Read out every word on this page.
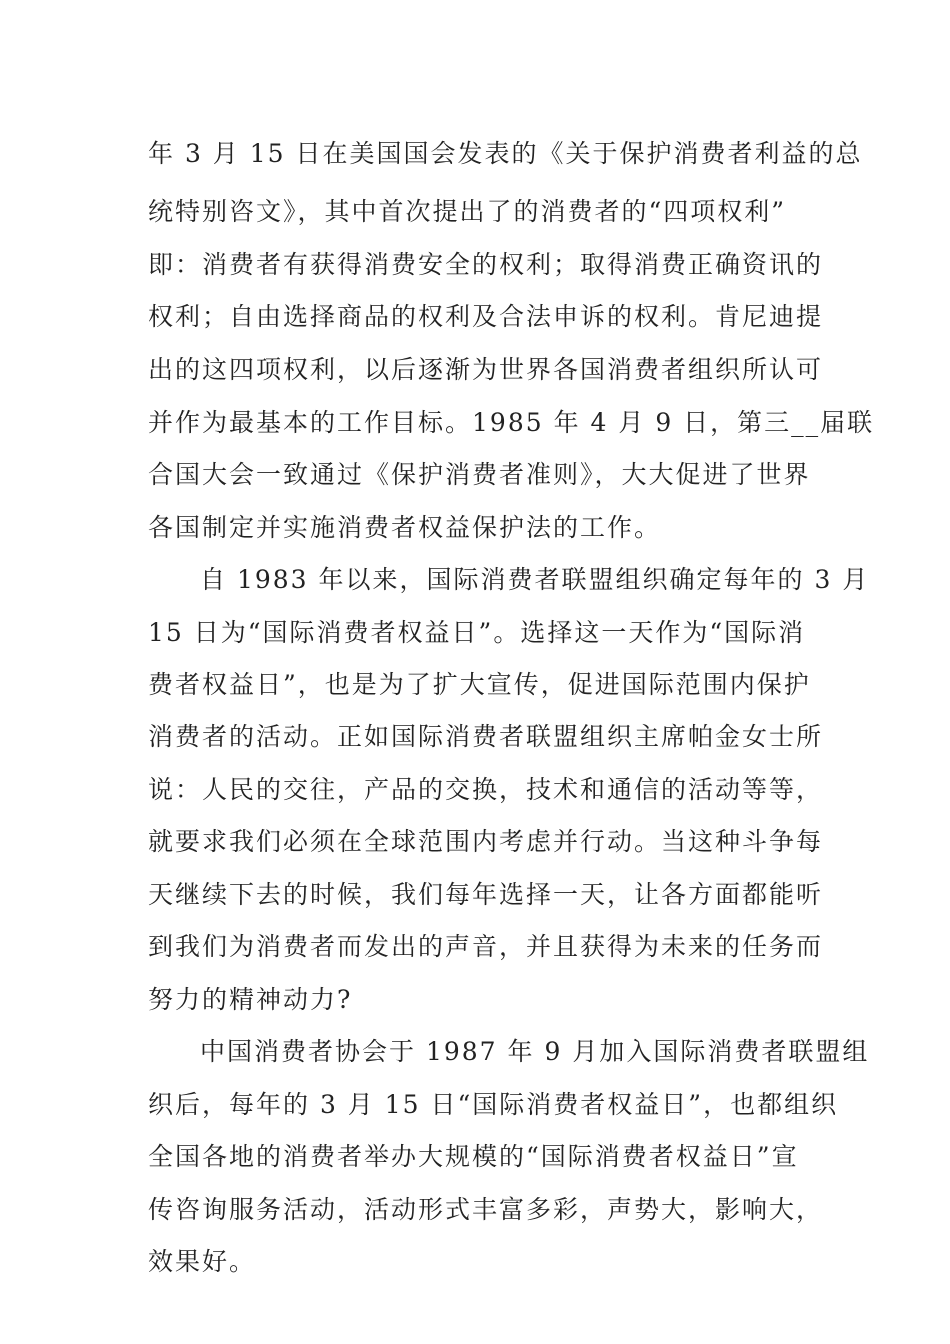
年 3 月 15 日在美国国会发表的《关于保护消费者利益的总
统特别咨文》，其中首次提出了的消费者的“四项权利”
即：消费者有获得消费安全的权利；取得消费正确资讯的
权利；自由选择商品的权利及合法申诉的权利。肯尼迪提
出的这四项权利，以后逐渐为世界各国消费者组织所认可
并作为最基本的工作目标。1985 年 4 月 9 日，第三__届联
合国大会一致通过《保护消费者准则》，大大促进了世界
各国制定并实施消费者权益保护法的工作。
自 1983 年以来，国际消费者联盟组织确定每年的 3 月
15 日为“国际消费者权益日”。选择这一天作为“国际消
费者权益日”，也是为了扩大宣传，促进国际范围内保护
消费者的活动。正如国际消费者联盟组织主席帕金女士所
说：人民的交往，产品的交换，技术和通信的活动等等，
就要求我们必须在全球范围内考虑并行动。当这种斗争每
天继续下去的时候，我们每年选择一天，让各方面都能听
到我们为消费者而发出的声音，并且获得为未来的任务而
努力的精神动力?
中国消费者协会于 1987 年 9 月加入国际消费者联盟组
织后，每年的 3 月 15 日“国际消费者权益日”，也都组织
全国各地的消费者举办大规模的“国际消费者权益日”宣
传咨询服务活动，活动形式丰富多彩，声势大，影响大，
效果好。
